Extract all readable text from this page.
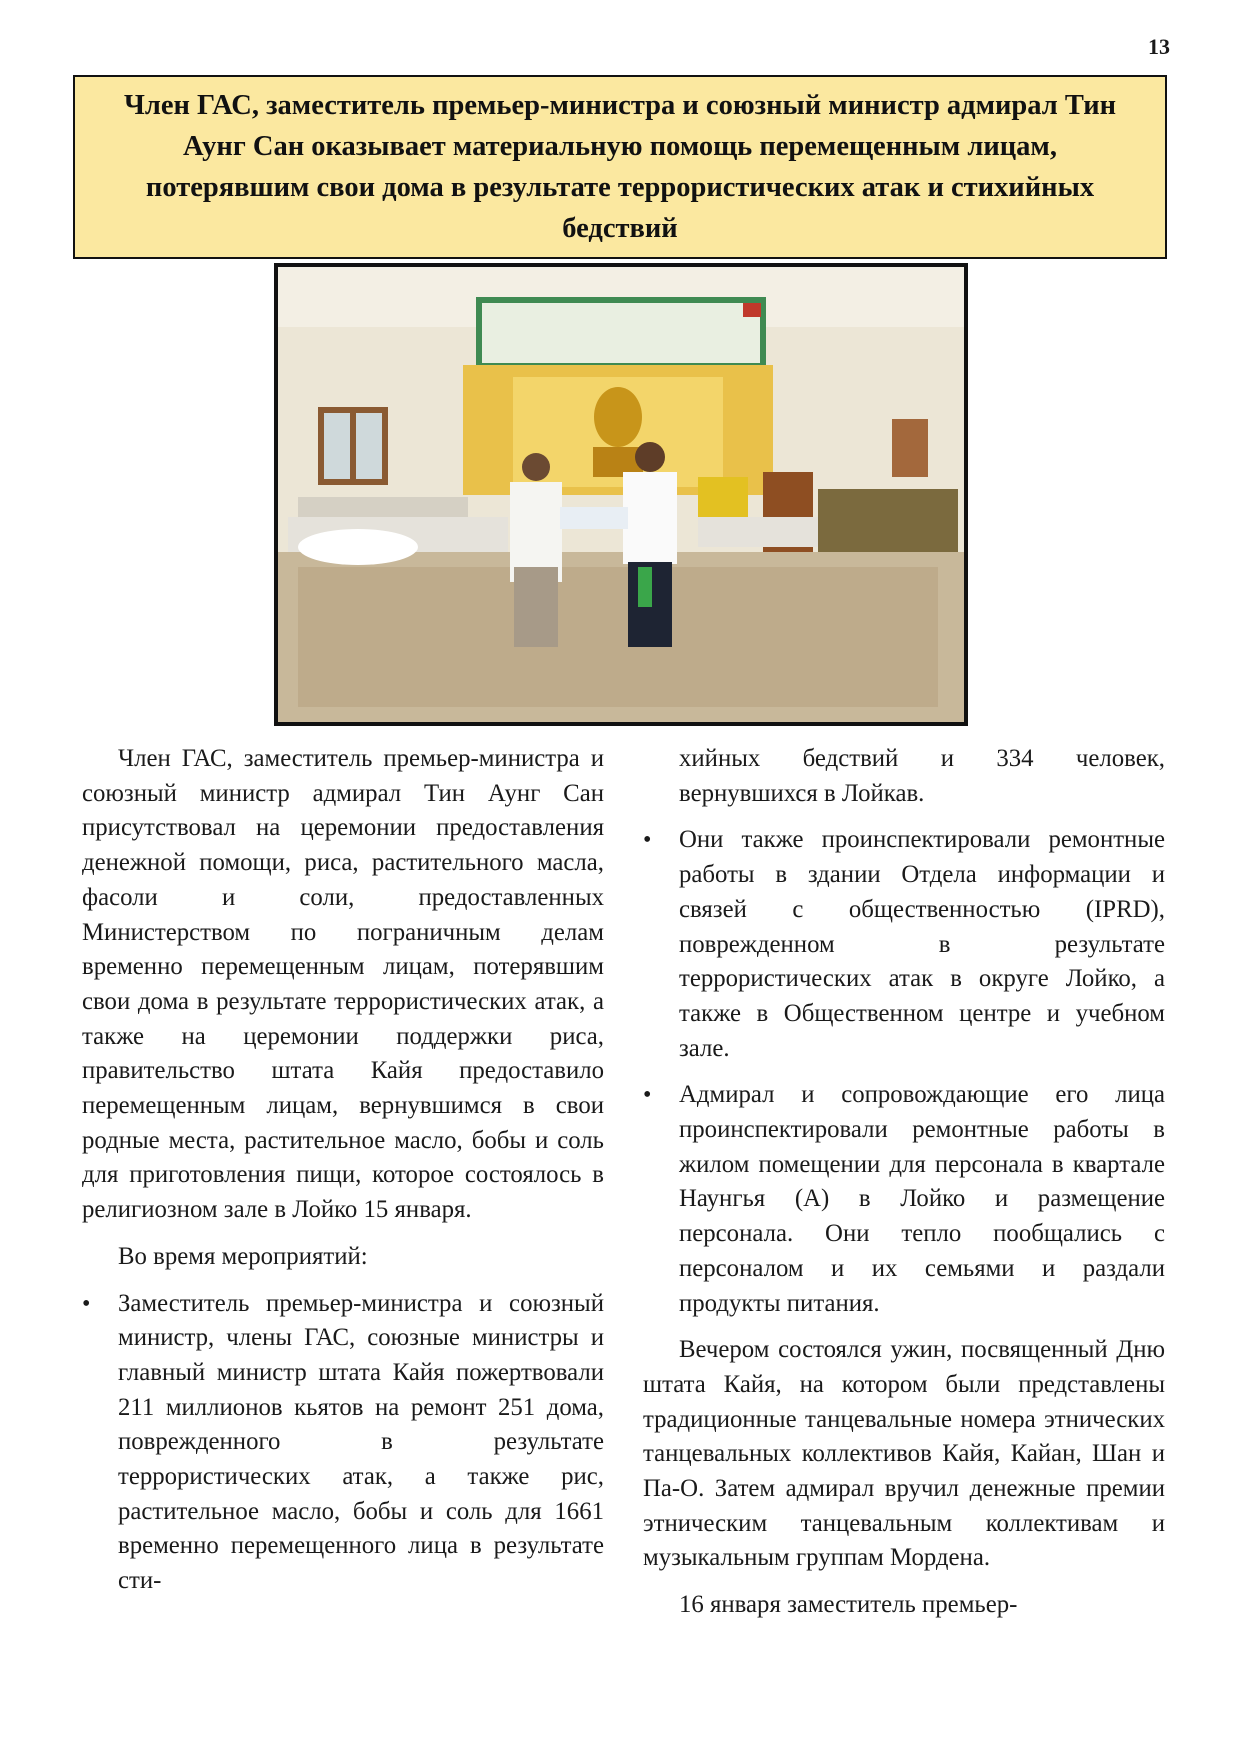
13
Член ГАС, заместитель премьер-министра и союзный министр адмирал Тин Аунг Сан оказывает материальную помощь перемещенным лицам, потерявшим свои дома в результате террористических атак и стихийных бедствий

Член ГАС, заместитель премьер-министра и союзный министр адмирал Тин Аунг Сан присутствовал на церемонии предоставления денежной помощи, риса, растительного масла, фасоли и соли, предоставленных Министерством по пограничным делам временно перемещенным лицам, потерявшим свои дома в результате террористических атак, а также на церемонии поддержки риса, правительство штата Кайя предоставило перемещенным лицам, вернувшимся в свои родные места, растительное масло, бобы и соль для приготовления пищи, которое состоялось в религиозном зале в Лойко 15 января.

Во время мероприятий:

• Заместитель премьер-министра и союзный министр, члены ГАС, союзные министры и главный министр штата Кайя пожертвовали 211 миллионов кьятов на ремонт 251 дома, поврежденного в результате террористических атак, а также рис, растительное масло, бобы и соль для 1661 временно перемещенного лица в результате сти-

хийных бедствий и 334 человек, вернувшихся в Лойкав.

• Они также проинспектировали ремонтные работы в здании Отдела информации и связей с общественностью (IPRD), поврежденном в результате террористических атак в округе Лойко, а также в Общественном центре и учебном зале.
• Адмирал и сопровождающие его лица проинспектировали ремонтные работы в жилом помещении для персонала в квартале Наунгья (А) в Лойко и размещение персонала. Они тепло пообщались с персоналом и их семьями и раздали продукты питания.

Вечером состоялся ужин, посвященный Дню штата Кайя, на котором были представлены традиционные танцевальные номера этнических танцевальных коллективов Кайя, Кайан, Шан и Па-О. Затем адмирал вручил денежные премии этническим танцевальным коллективам и музыкальным группам Мордена.

16 января заместитель премьер-
